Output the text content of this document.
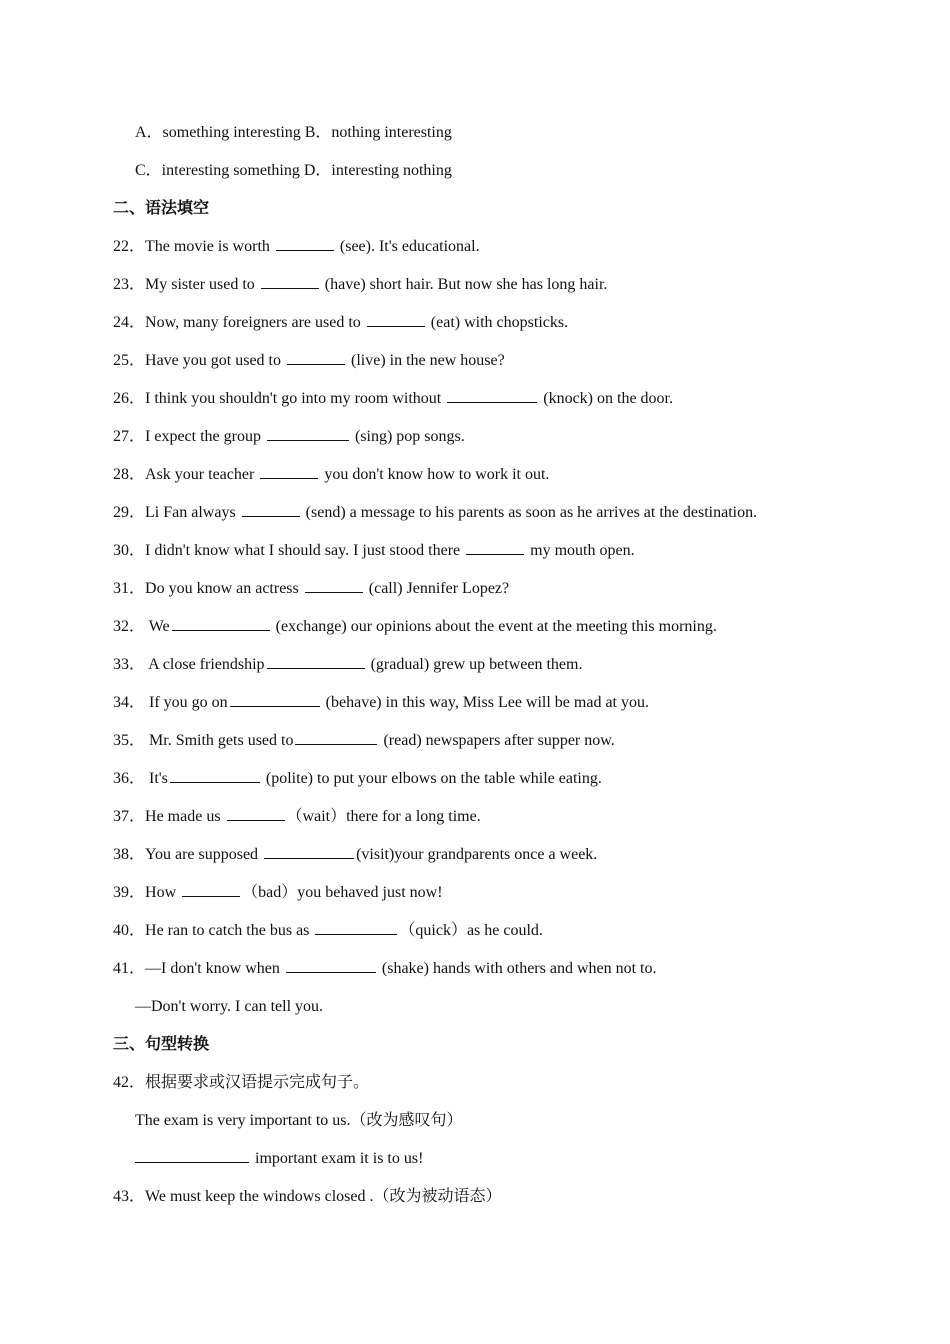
A．something interesting B．nothing interesting
C．interesting something D．interesting nothing
二、语法填空
22．The movie is worth	(see). It's educational.
23．My sister used to	(have) short hair. But now she has long hair.
24．Now, many foreigners are used to	(eat) with chopsticks.
25．Have you got used to	(live) in the new house?
26．I think you shouldn't go into my room without	(knock) on the door.
27．I expect the group	(sing) pop songs.
28．Ask your teacher	you don't know how to work it out.
29．Li Fan always	(send) a message to his parents as soon as he arrives at the destination.
30．I didn't know what I should say. I just stood there	my mouth open.
31．Do you know an actress	(call) Jennifer Lopez?
32． We	(exchange) our opinions about the event at the meeting this morning.
33． A close friendship	(gradual) grew up between them.
34． If you go on	(behave) in this way, Miss Lee will be mad at you.
35． Mr. Smith gets used to	(read) newspapers after supper now.
36． It's	(polite) to put your elbows on the table while eating.
37．He made us	（wait）there for a long time.
38．You are supposed	(visit)your grandparents once a week.
39．How	（bad）you behaved just now!
40．He ran to catch the bus as	（quick）as he could.
41．—I don't know when	(shake) hands with others and when not to.
—Don't worry. I can tell you.
三、句型转换
42．根据要求或汉语提示完成句子。
The exam is very important to us.（改为感叹句）
important exam it is to us!
43．We must keep the windows closed .（改为被动语态）
